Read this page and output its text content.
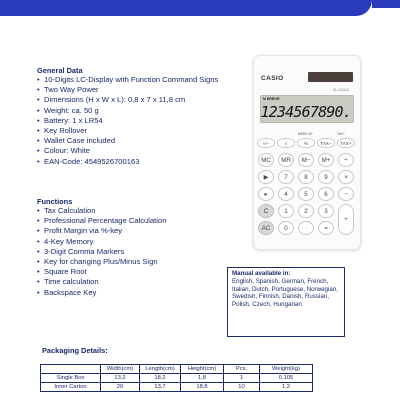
General Data
• 10-Digits LC-Display with Function Command Signs
• Two Way Power
• Dimensions (H x W x L): 0,8 x 7 x 11,8 cm
• Weight: ca. 50 g
• Battery: 1 x LR54
• Key Rollover
• Wallet Case included
• Colour: White
• EAN-Code: 4549526700163
Functions
• Tax Calculation
• Professional Percentage Calculation
• Profit Margin via %-key
• 4-Key Memory
• 3-Digit Comma Markers
• Key for changing Plus/Minus Sign
• Square Root
• Time calculation
• Backspace Key
CASIO
SL-310UC
M ERROR
1234567890.
MARK UP	TAX+
+/−	√	%	TAX−	TAX+
MC	MR	M−	M+	÷
▶	7	8	9	×
▸	4	5	6	−
C	1	2	3
+
AC	0	·	=
Manual available in:
English, Spanish, German, French, Italian, Dutch, Portuguese, Norwegian, Swedish, Finnish, Danish, Russian, Polish, Czech, Hungarian
Packaging Details:
	Width(cm)	Length(cm)	Height(cm)	Pcs.	Weight(kg)
Single Box	13,2	18,2	1,8	1	0,105
Inner Carton	20	13,7	18,8	10	1,2
